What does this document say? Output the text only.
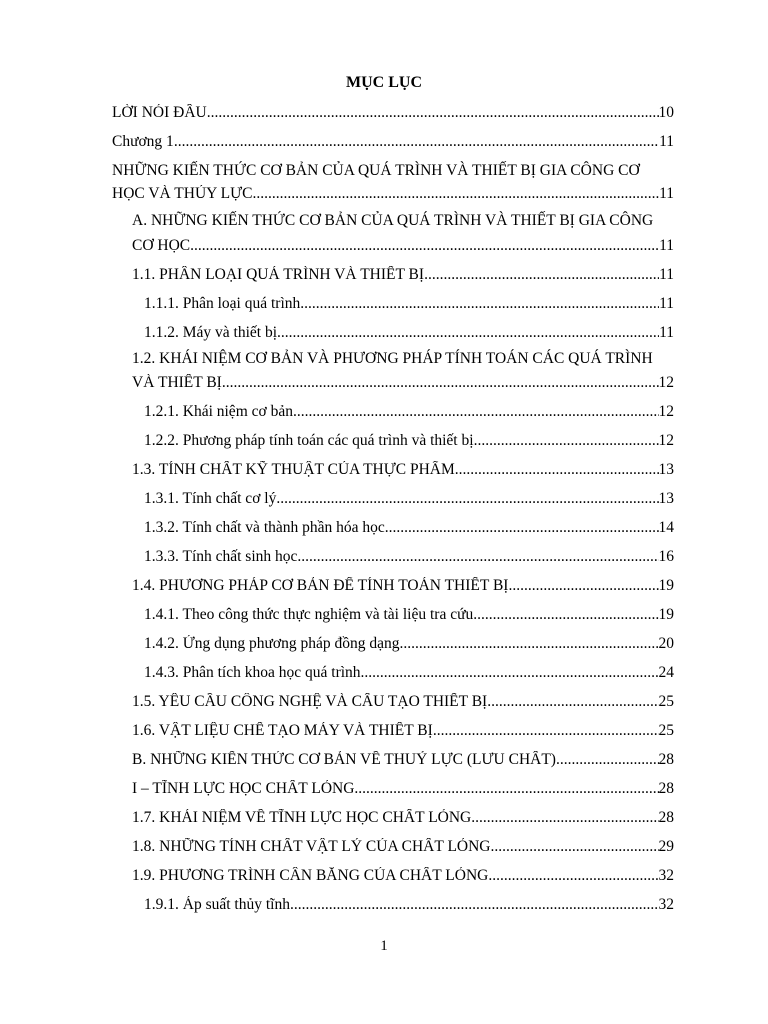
MỤC LỤC
LỜI NÓI ĐẦU .....	10
Chương 1 .....	11
NHỮNG KIẾN THỨC CƠ BẢN CỦA QUÁ TRÌNH VÀ THIẾT BỊ GIA CÔNG CƠ
HỌC VÀ THỦY LỰC .....	11
A. NHỮNG KIẾN THỨC CƠ BẢN CỦA QUÁ TRÌNH VÀ THIẾT BỊ GIA CÔNG
CƠ HỌC .....	11
1.1. PHÂN LOẠI QUÁ TRÌNH VÀ THIẾT BỊ .....	11
1.1.1. Phân loại quá trình .....	11
1.1.2. Máy và thiết bị .....	11
1.2. KHÁI NIỆM CƠ BẢN VÀ PHƯƠNG PHÁP TÍNH TOÁN CÁC QUÁ TRÌNH
VÀ THIẾT BỊ .....	12
1.2.1. Khái niệm cơ bản .....	12
1.2.2. Phương pháp tính toán các quá trình và thiết bị .....	12
1.3. TÍNH CHẤT KỸ THUẬT CỦA THỰC PHẨM .....	13
1.3.1. Tính chất cơ lý .....	13
1.3.2. Tính chất và thành phần hóa học .....	14
1.3.3. Tính chất sinh học .....	16
1.4. PHƯƠNG PHÁP CƠ BẢN ĐỂ TÍNH TOÁN THIẾT BỊ .....	19
1.4.1. Theo công thức thực nghiệm và tài liệu tra cứu .....	19
1.4.2. Ứng dụng phương pháp đồng dạng .....	20
1.4.3. Phân tích khoa học quá trình .....	24
1.5. YÊU CẦU CÔNG NGHỆ VÀ CẤU TẠO THIẾT BỊ .....	25
1.6. VẬT LIỆU CHẾ TẠO MÁY VÀ THIẾT BỊ .....	25
B. NHỮNG KIẾN THỨC CƠ BẢN VỀ THUỶ LỰC (LƯU CHẤT) .....	28
I – TĨNH LỰC HỌC CHẤT LỎNG .....	28
1.7. KHÁI NIỆM VỀ TĨNH LỰC HỌC CHẤT LỎNG .....	28
1.8. NHỮNG TÍNH CHẤT VẬT LÝ CỦA CHẤT LỎNG .....	29
1.9. PHƯƠNG TRÌNH CÂN BẰNG CỦA CHẤT LỎNG .....	32
1.9.1. Áp suất thủy tĩnh .....	32
1
